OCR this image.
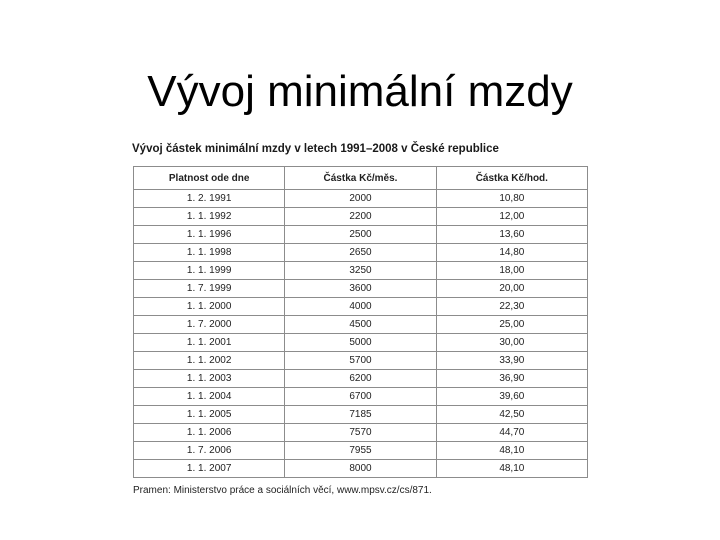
Vývoj minimální mzdy
Vývoj částek minimální mzdy v letech 1991–2008 v České republice
Platnost ode dne	Částka Kč/měs.	Částka Kč/hod.
1. 2. 1991	2000	10,80
1. 1. 1992	2200	12,00
1. 1. 1996	2500	13,60
1. 1. 1998	2650	14,80
1. 1. 1999	3250	18,00
1. 7. 1999	3600	20,00
1. 1. 2000	4000	22,30
1. 7. 2000	4500	25,00
1. 1. 2001	5000	30,00
1. 1. 2002	5700	33,90
1. 1. 2003	6200	36,90
1. 1. 2004	6700	39,60
1. 1. 2005	7185	42,50
1. 1. 2006	7570	44,70
1. 7. 2006	7955	48,10
1. 1. 2007	8000	48,10
Pramen: Ministerstvo práce a sociálních věcí, www.mpsv.cz/cs/871.
